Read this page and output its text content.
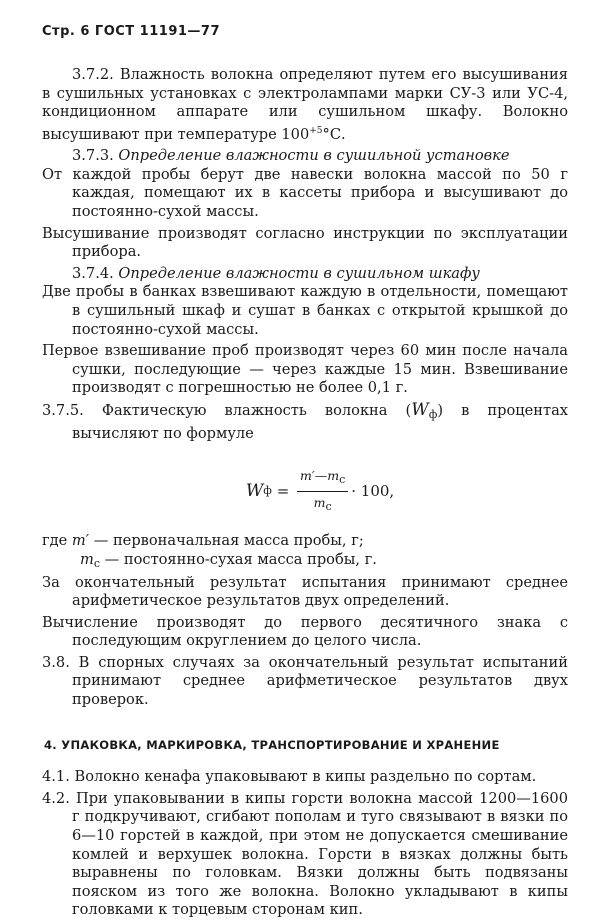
Стр. 6 ГОСТ 11191—77

3.7.2. Влажность волокна определяют путем его высушивания в сушильных установках с электролампами марки СУ-3 или УС-4, кондиционном аппарате или сушильном шкафу. Волокно высушивают при температуре $100^{+5}^\circ С$.

3.7.3. Определение влажности в сушильной установке

От каждой пробы берут две навески волокна массой по 50 г каждая, помещают их в кассеты прибора и высушивают до постоянно-сухой массы.

Высушивание производят согласно инструкции по эксплуатации прибора.

3.7.4. Определение влажности в сушильном шкафу

Две пробы в банках взвешивают каждую в отдельности, помещают в сушильный шкаф и сушат в банках с открытой крышкой до постоянно-сухой массы.

Первое взвешивание проб производят через 60 мин после начала сушки, последующие — через каждые 15 мин. Взвешивание производят с погрешностью не более 0,1 г.

3.7.5. Фактическую влажность волокна $(W_ф)$ в процентах вычисляют по формуле

W $ф = \frac{m'—mc}{mc} \cdot 100$,

где m′ — первоначальная масса пробы, г;

$m_c$ — постоянно-сухая масса пробы, г.

За окончательный результат испытания принимают среднее арифметическое результатов двух определений.

Вычисление производят до первого десятичного знака с последующим округлением до целого числа.

3.8. В спорных случаях за окончательный результат испытаний принимают среднее арифметическое результатов двух проверок.

4. УПАКОВКА, МАРКИРОВКА, ТРАНСПОРТИРОВАНИЕ И ХРАНЕНИЕ

4.1. Волокно кенафа упаковывают в кипы раздельно по сортам.

4.2. При упаковывании в кипы горсти волокна массой 1200—1600 г подкручивают, сгибают пополам и туго связывают в вязки по 6—10 горстей в каждой, при этом не допускается смешивание комлей и верхушек волокна. Горсти в вязках должны быть выравнены по головкам. Вязки должны быть подвязаны пояском из того же волокна. Волокно укладывают в кипы головками к торцевым сторонам кип.
